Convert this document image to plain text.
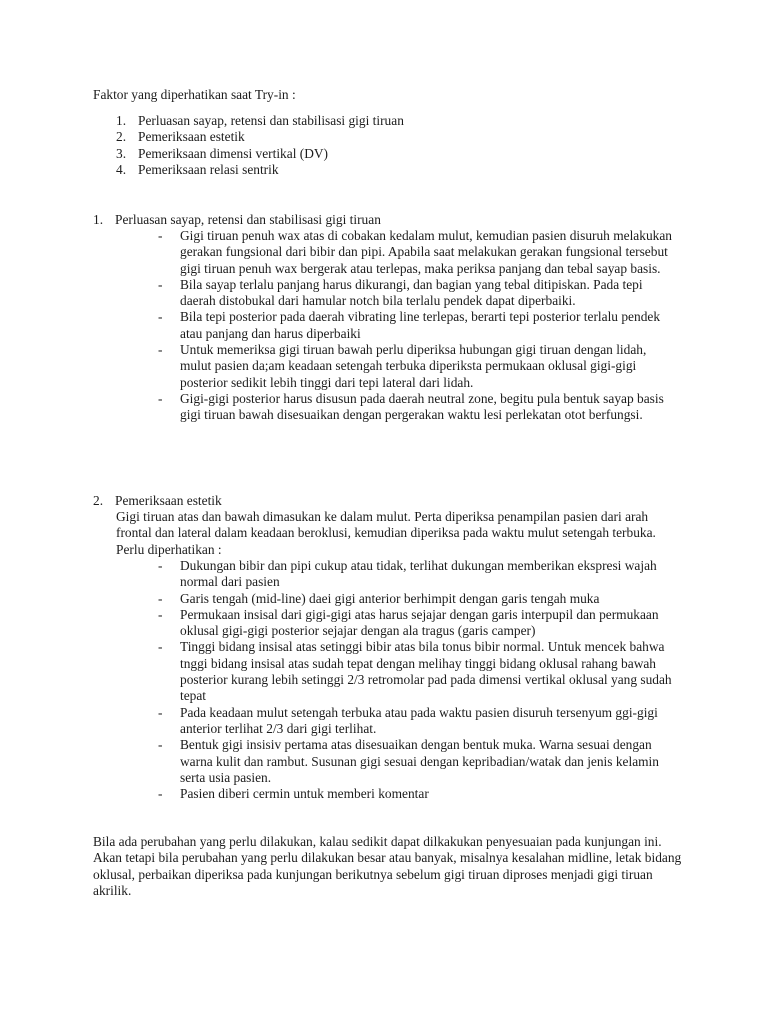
Faktor yang diperhatikan saat Try-in :
1. Perluasan sayap, retensi dan stabilisasi gigi tiruan
2. Pemeriksaan estetik
3. Pemeriksaan dimensi vertikal (DV)
4. Pemeriksaan relasi sentrik
1. Perluasan sayap, retensi dan stabilisasi gigi tiruan
-	Gigi tiruan penuh wax atas di cobakan kedalam mulut, kemudian pasien disuruh melakukan gerakan fungsional dari bibir dan pipi. Apabila saat melakukan gerakan fungsional tersebut gigi tiruan penuh wax bergerak atau terlepas, maka periksa panjang dan tebal sayap basis.
-	Bila sayap terlalu panjang harus dikurangi, dan bagian yang tebal ditipiskan. Pada tepi daerah distobukal dari hamular notch bila terlalu pendek dapat diperbaiki.
-	Bila tepi posterior pada daerah vibrating line terlepas, berarti tepi posterior terlalu pendek atau panjang dan harus diperbaiki
-	Untuk memeriksa gigi tiruan bawah perlu diperiksa hubungan gigi tiruan dengan lidah, mulut pasien da;am keadaan setengah terbuka diperiksta permukaan oklusal gigi-gigi posterior sedikit lebih tinggi dari tepi lateral dari lidah.
-	Gigi-gigi posterior harus disusun pada daerah neutral zone, begitu pula bentuk sayap basis gigi tiruan bawah disesuaikan dengan pergerakan waktu lesi perlekatan otot berfungsi.
2. Pemeriksaan estetik
Gigi tiruan atas dan bawah dimasukan ke dalam mulut. Perta diperiksa penampilan pasien dari arah frontal dan lateral dalam keadaan beroklusi, kemudian diperiksa pada waktu mulut setengah terbuka. Perlu diperhatikan :
-	Dukungan bibir dan pipi cukup atau tidak, terlihat dukungan memberikan ekspresi wajah normal dari pasien
-	Garis tengah (mid-line) daei gigi anterior berhimpit dengan garis tengah muka
-	Permukaan insisal dari gigi-gigi atas harus sejajar dengan garis interpupil dan permukaan oklusal gigi-gigi posterior sejajar dengan ala tragus (garis camper)
-	Tinggi bidang insisal atas setinggi bibir atas bila tonus bibir normal. Untuk mencek bahwa tnggi bidang insisal atas sudah tepat dengan melihay tinggi bidang oklusal rahang bawah posterior kurang lebih setinggi 2/3 retromolar pad pada dimensi vertikal oklusal yang sudah tepat
-	Pada keadaan mulut setengah terbuka atau pada waktu pasien disuruh tersenyum ggi-gigi anterior terlihat 2/3 dari gigi terlihat.
-	Bentuk gigi insisiv pertama atas disesuaikan dengan bentuk muka. Warna sesuai dengan warna kulit dan rambut. Susunan gigi sesuai dengan kepribadian/watak dan jenis kelamin serta usia pasien.
-	Pasien diberi cermin untuk memberi komentar
Bila ada perubahan yang perlu dilakukan, kalau sedikit dapat dilkakukan penyesuaian pada kunjungan ini. Akan tetapi bila perubahan yang perlu dilakukan besar atau banyak, misalnya kesalahan midline, letak bidang oklusal, perbaikan diperiksa pada kunjungan berikutnya sebelum gigi tiruan diproses menjadi gigi tiruan akrilik.
